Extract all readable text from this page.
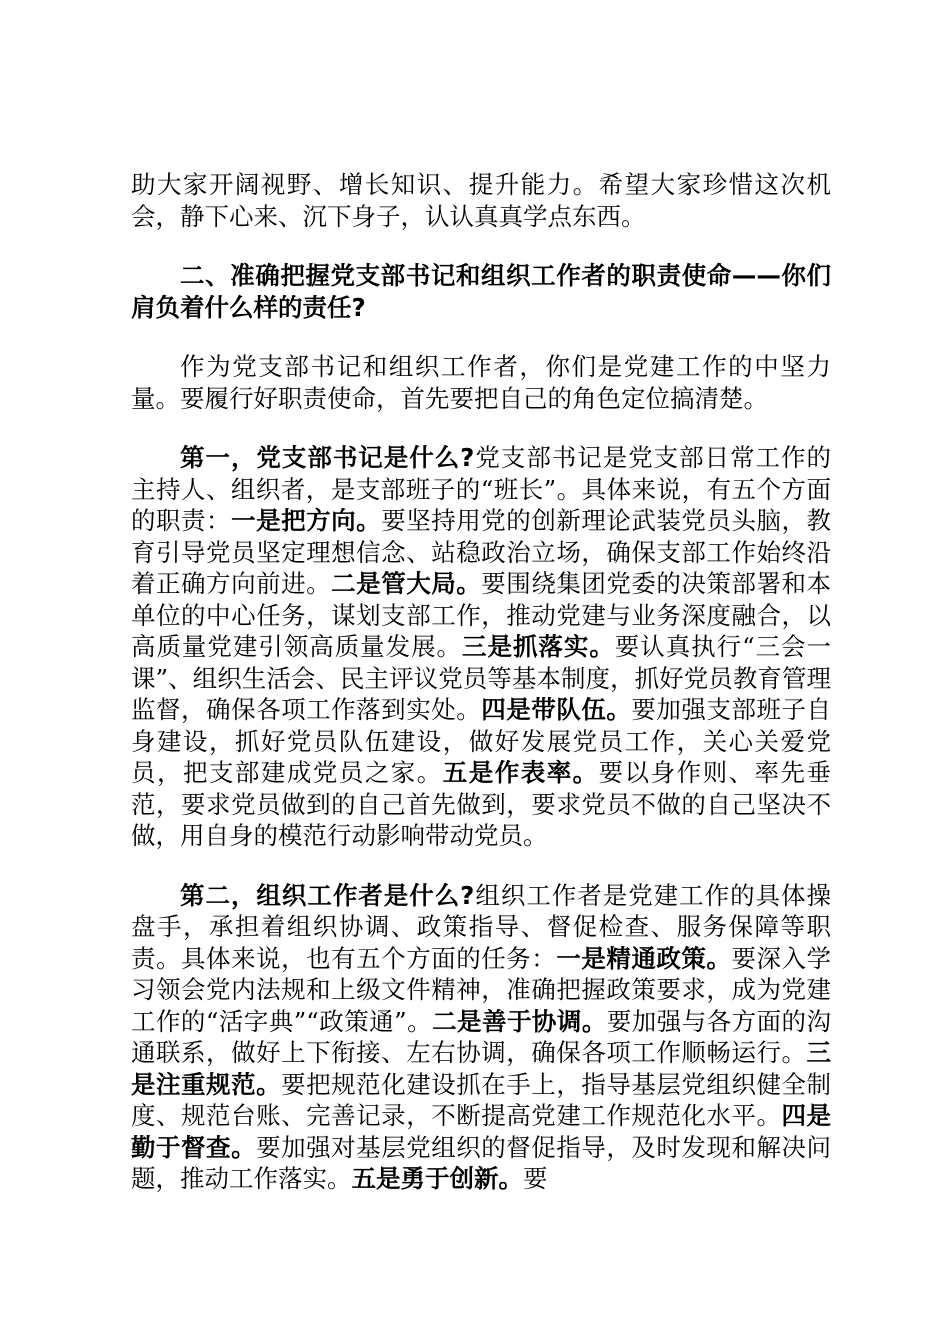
助大家开阔视野、增长知识、提升能力。希望大家珍惜这次机会，静下心来、沉下身子，认认真真学点东西。

二、准确把握党支部书记和组织工作者的职责使命——你们肩负着什么样的责任?

作为党支部书记和组织工作者，你们是党建工作的中坚力量。要履行好职责使命，首先要把自己的角色定位搞清楚。

第一，党支部书记是什么?党支部书记是党支部日常工作的主持人、组织者，是支部班子的“班长”。具体来说，有五个方面的职责：一是把方向。要坚持用党的创新理论武装党员头脑，教育引导党员坚定理想信念、站稳政治立场，确保支部工作始终沿着正确方向前进。二是管大局。要围绕集团党委的决策部署和本单位的中心任务，谋划支部工作，推动党建与业务深度融合，以高质量党建引领高质量发展。三是抓落实。要认真执行“三会一课”、组织生活会、民主评议党员等基本制度，抓好党员教育管理监督，确保各项工作落到实处。四是带队伍。要加强支部班子自身建设，抓好党员队伍建设，做好发展党员工作，关心关爱党员，把支部建成党员之家。五是作表率。要以身作则、率先垂范，要求党员做到的自己首先做到，要求党员不做的自己坚决不做，用自身的模范行动影响带动党员。

第二，组织工作者是什么?组织工作者是党建工作的具体操盘手，承担着组织协调、政策指导、督促检查、服务保障等职责。具体来说，也有五个方面的任务：一是精通政策。要深入学习领会党内法规和上级文件精神，准确把握政策要求，成为党建工作的“活字典”“政策通”。二是善于协调。要加强与各方面的沟通联系，做好上下衔接、左右协调，确保各项工作顺畅运行。三是注重规范。要把规范化建设抓在手上，指导基层党组织健全制度、规范台账、完善记录，不断提高党建工作规范化水平。四是勤于督查。要加强对基层党组织的督促指导，及时发现和解决问题，推动工作落实。五是勇于创新。要
